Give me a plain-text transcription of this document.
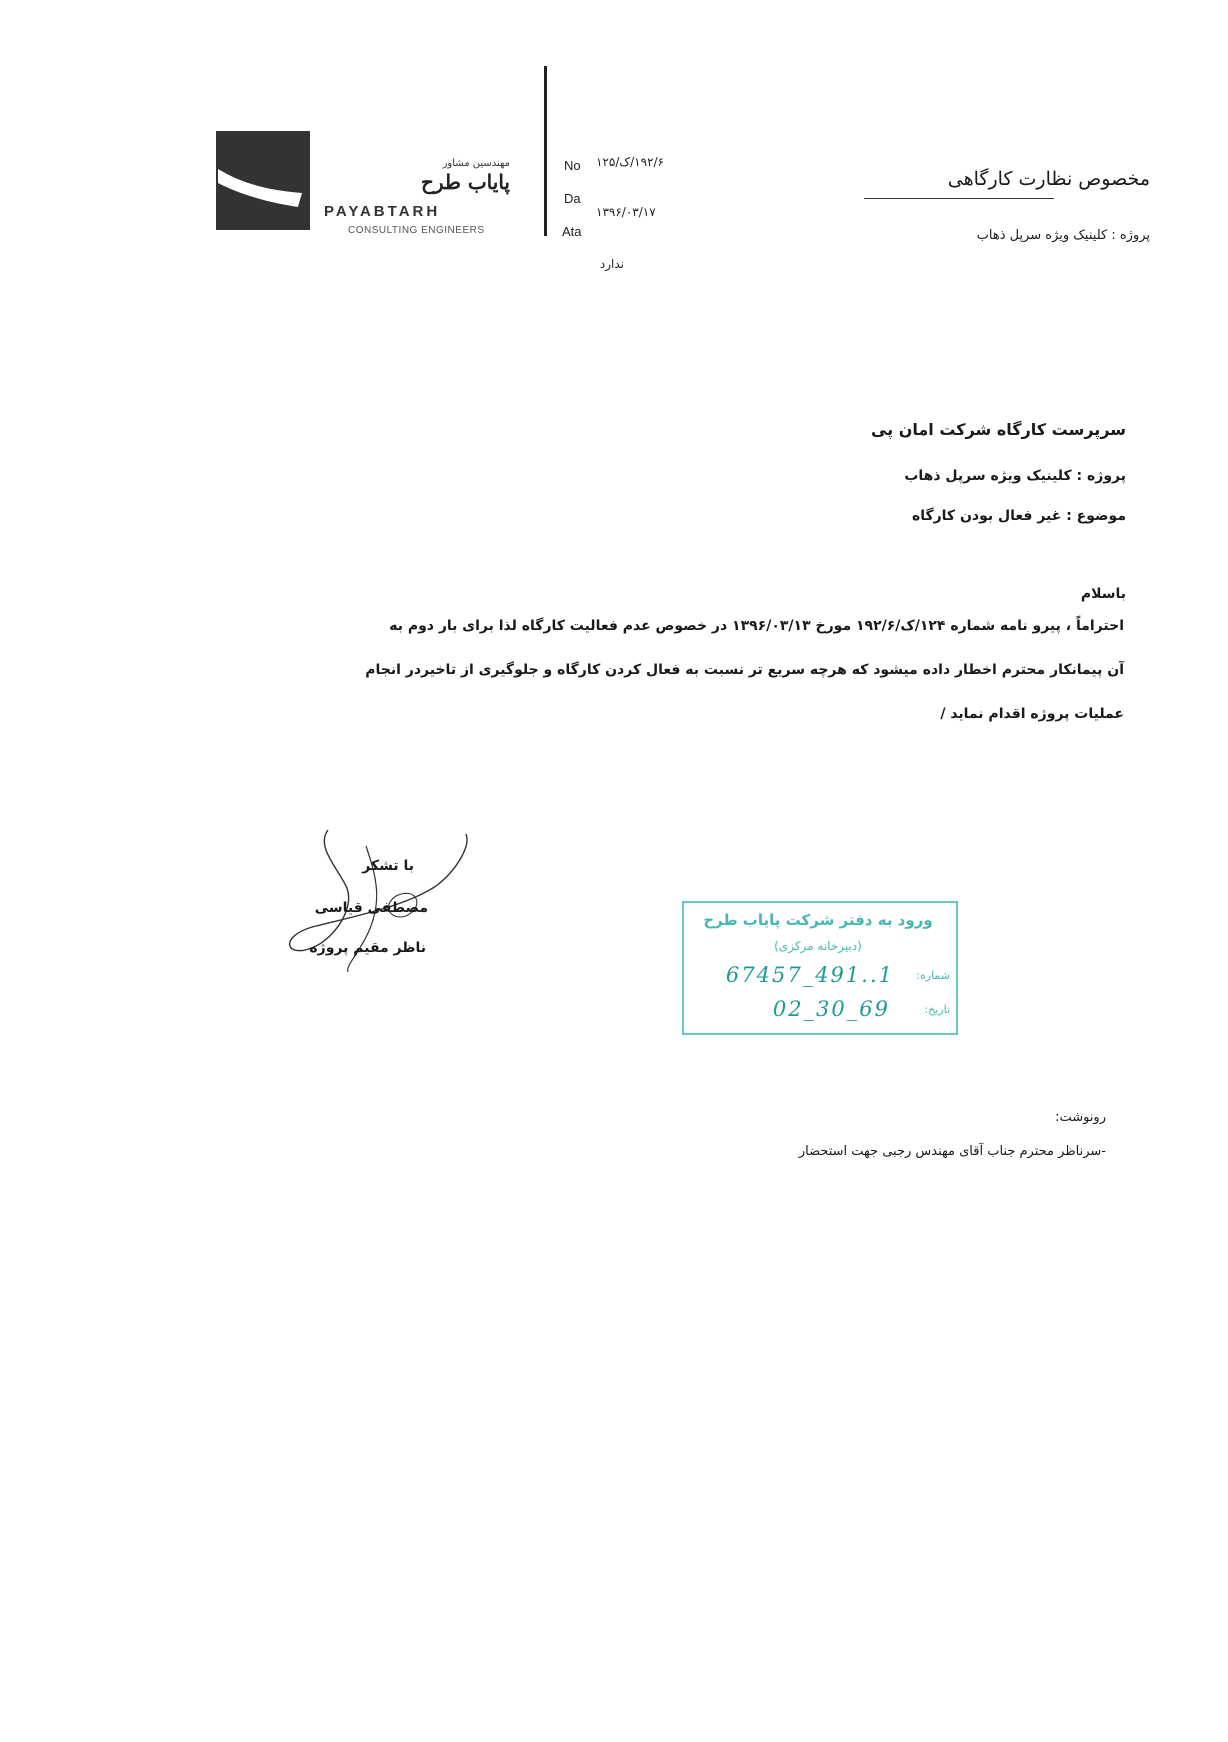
مهندسین مشاور
پایاب طرح
PAYABTARH
CONSULTING ENGINEERS
No ۱۹۲/۶/ک/۱۲۵
Da
۱۳۹۶/۰۳/۱۷
Ata
ندارد
مخصوص نظارت کارگاهی
پروژه : کلینیک ویژه سرپل ذهاب
سرپرست کارگاه شرکت امان پی
پروژه : کلینیک ویژه سرپل ذهاب
موضوع : غیر فعال بودن کارگاه
باسلام
احتراماً ، پیرو نامه شماره ۱۲۴/ک/۱۹۲/۶ مورخ ۱۳۹۶/۰۳/۱۳ در خصوص عدم فعالیت کارگاه لذا برای بار دوم به
آن پیمانکار محترم اخطار داده میشود که هرچه سریع تر نسبت به فعال کردن کارگاه و جلوگیری از تاخیردر انجام
عملیات پروژه اقدام نماید /
با تشکر
مصطفی قیاسی
ناظر مقیم پروژه
ورود به دفتر شرکت پایاب طرح
(دبیرخانه مرکزی)
شماره:
1..194_75476
تاریخ:
96_03_20
رونوشت:
-سرناظر محترم جناب آقای مهندس رجبی جهت استحضار
